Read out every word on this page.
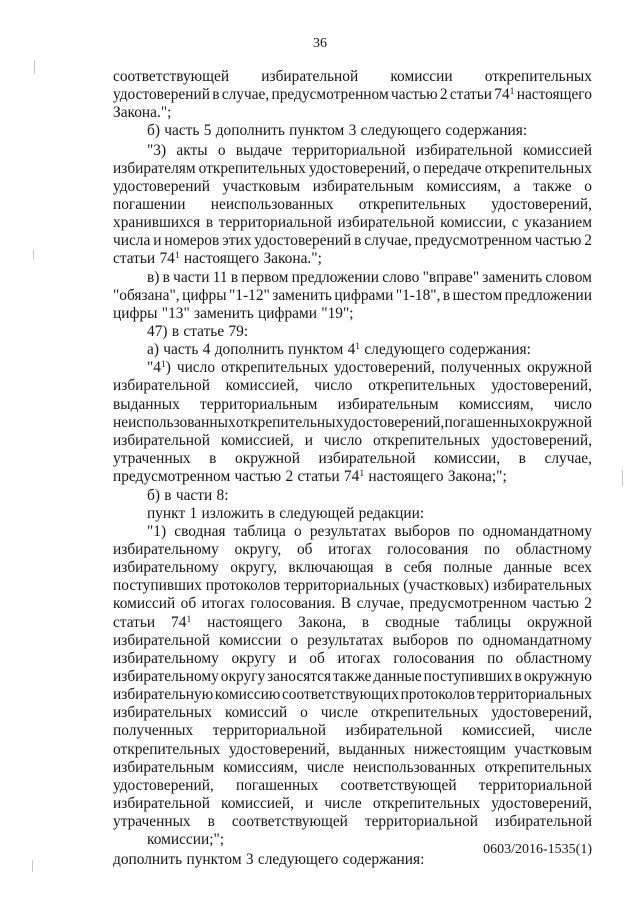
36
соответствующей избирательной комиссии открепительных
удостоверений в случае, предусмотренном частью 2 статьи $74^1$ настоящего
Закона.";
б) часть 5 дополнить пунктом 3 следующего содержания:
"3) акты о выдаче территориальной избирательной комиссией
избирателям открепительных удостоверений, о передаче открепительных
удостоверений участковым избирательным комиссиям, а также о
погашении неиспользованных открепительных удостоверений,
хранившихся в территориальной избирательной комиссии, с указанием
числа и номеров этих удостоверений в случае, предусмотренном частью 2
статьи $74^1$ настоящего Закона.";
в) в части 11 в первом предложении слово "вправе" заменить словом
"обязана", цифры "1-12" заменить цифрами "1-18", в шестом предложении
цифры "13" заменить цифрами "19";
47) в статье 79:
а) часть 4 дополнить пунктом $4^1$ следующего содержания:
"$4^1$) число открепительных удостоверений, полученных окружной
избирательной комиссией, число открепительных удостоверений,
выданных территориальным избирательным комиссиям, число
неиспользованных открепительных удостоверений, погашенных окружной
избирательной комиссией, и число открепительных удостоверений,
утраченных в окружной избирательной комиссии, в случае,
предусмотренном частью 2 статьи $74^1$ настоящего Закона;";
б) в части 8:
пункт 1 изложить в следующей редакции:
"1) сводная таблица о результатах выборов по одномандатному
избирательному округу, об итогах голосования по областному
избирательному округу, включающая в себя полные данные всех
поступивших протоколов территориальных (участковых) избирательных
комиссий об итогах голосования. В случае, предусмотренном частью 2
статьи $74^1$ настоящего Закона, в сводные таблицы окружной
избирательной комиссии о результатах выборов по одномандатному
избирательному округу и об итогах голосования по областному
избирательному округу заносятся также данные поступивших в окружную
избирательную комиссию соответствующих протоколов территориальных
избирательных комиссий о числе открепительных удостоверений,
полученных территориальной избирательной комиссией, числе
открепительных удостоверений, выданных нижестоящим участковым
избирательным комиссиям, числе неиспользованных открепительных
удостоверений, погашенных соответствующей территориальной
избирательной комиссией, и числе открепительных удостоверений,
утраченных в соответствующей территориальной избирательной
комиссии;";
дополнить пунктом 3 следующего содержания:
0603/2016-1535(1)
